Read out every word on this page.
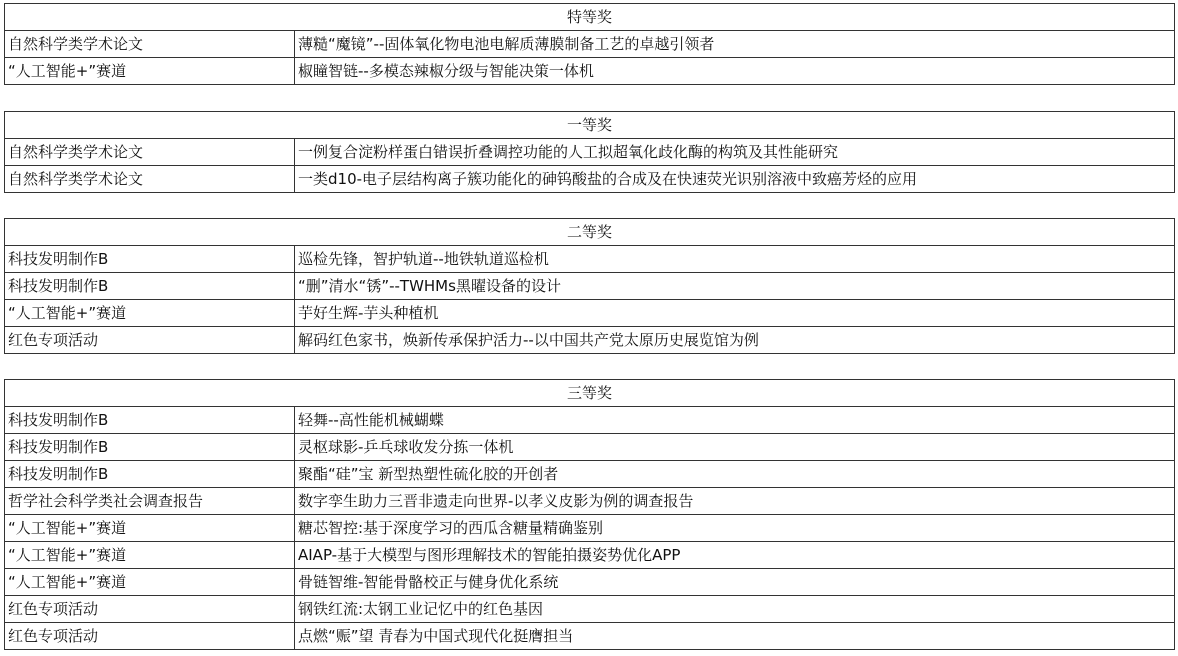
特等奖	
自然科学类学术论文	薄糙“魔镜”--固体氧化物电池电解质薄膜制备工艺的卓越引领者
“人工智能+”赛道	椒瞳智链--多模态辣椒分级与智能决策一体机
一等奖	
自然科学类学术论文	一例复合淀粉样蛋白错误折叠调控功能的人工拟超氧化歧化酶的构筑及其性能研究
自然科学类学术论文	一类d10-电子层结构离子簇功能化的砷钨酸盐的合成及在快速荧光识别溶液中致癌芳烃的应用
二等奖	
科技发明制作B	巡检先锋，智护轨道--地铁轨道巡检机
科技发明制作B	“删”清水“锈”--TWHMs黑曜设备的设计
“人工智能+”赛道	芋好生辉-芋头种植机
红色专项活动	解码红色家书，焕新传承保护活力--以中国共产党太原历史展览馆为例
三等奖	
科技发明制作B	轻舞--高性能机械蝴蝶
科技发明制作B	灵枢球影-乒乓球收发分拣一体机
科技发明制作B	聚酯“硅”宝 新型热塑性硫化胶的开创者
哲学社会科学类社会调查报告	数字孪生助力三晋非遗走向世界-以孝义皮影为例的调查报告
“人工智能+”赛道	糖芯智控:基于深度学习的西瓜含糖量精确鉴别
“人工智能+”赛道	AIAP-基于大模型与图形理解技术的智能拍摄姿势优化APP
“人工智能+”赛道	骨链智维-智能骨骼校正与健身优化系统
红色专项活动	钢铁红流:太钢工业记忆中的红色基因
红色专项活动	点燃“赈”望 青春为中国式现代化挺膺担当
